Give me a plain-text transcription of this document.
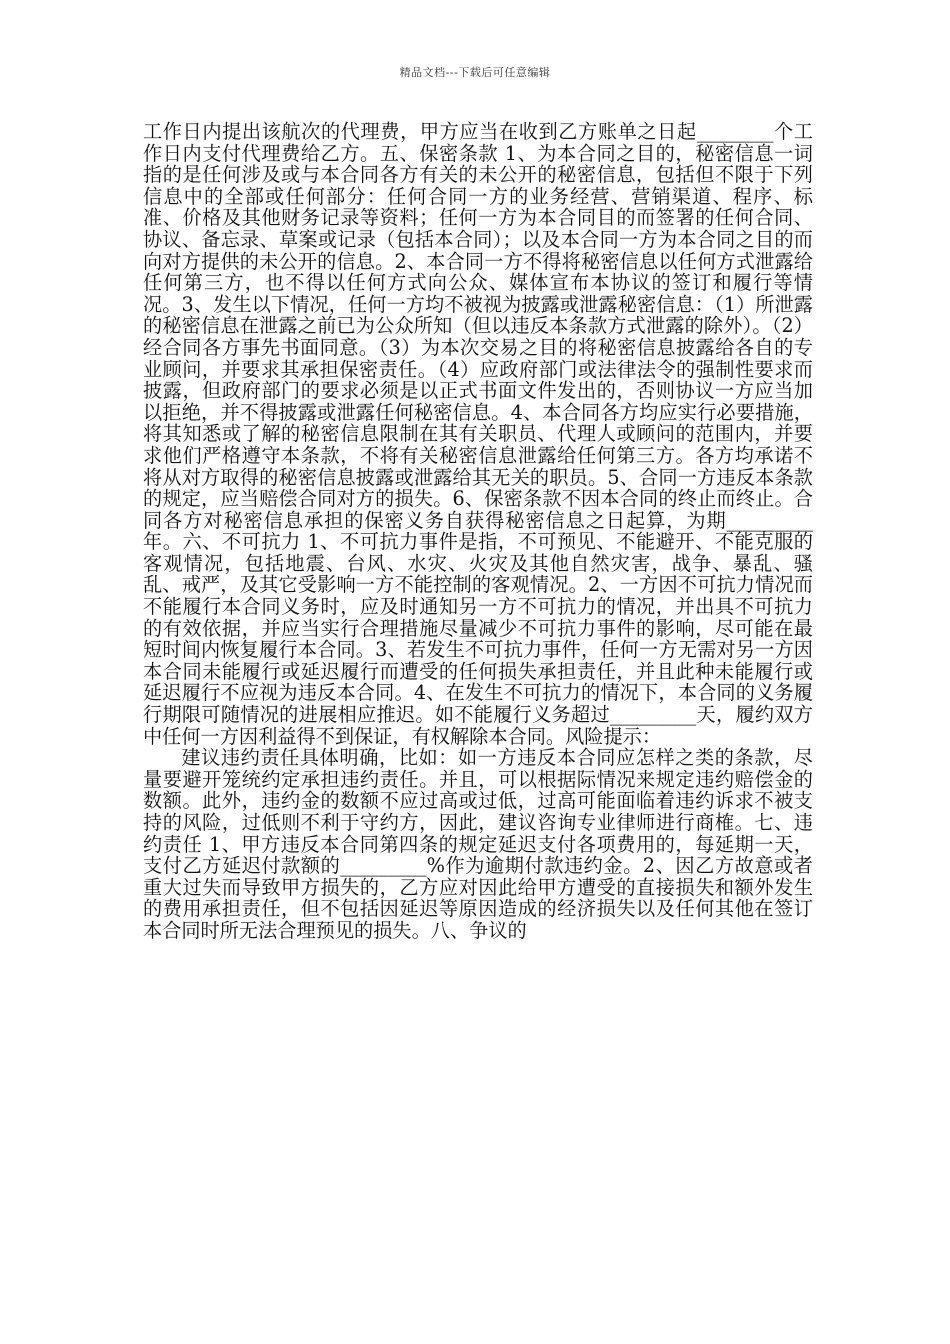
精品文档---下载后可任意编辑

工作日内提出该航次的代理费，甲方应当在收到乙方账单之日起________个工作日内支付代理费给乙方。五、保密条款 1、为本合同之目的，秘密信息一词指的是任何涉及或与本合同各方有关的未公开的秘密信息，包括但不限于下列信息中的全部或任何部分：任何合同一方的业务经营、营销渠道、程序、标准、价格及其他财务记录等资料；任何一方为本合同目的而签署的任何合同、协议、备忘录、草案或记录（包括本合同）；以及本合同一方为本合同之目的而向对方提供的未公开的信息。2、本合同一方不得将秘密信息以任何方式泄露给任何第三方，也不得以任何方式向公众、媒体宣布本协议的签订和履行等情况。3、发生以下情况，任何一方均不被视为披露或泄露秘密信息：（1）所泄露的秘密信息在泄露之前已为公众所知（但以违反本条款方式泄露的除外）。（2）经合同各方事先书面同意。（3）为本次交易之目的将秘密信息披露给各自的专业顾问，并要求其承担保密责任。（4）应政府部门或法律法令的强制性要求而披露，但政府部门的要求必须是以正式书面文件发出的，否则协议一方应当加以拒绝，并不得披露或泄露任何秘密信息。4、本合同各方均应实行必要措施，将其知悉或了解的秘密信息限制在其有关职员、代理人或顾问的范围内，并要求他们严格遵守本条款，不将有关秘密信息泄露给任何第三方。各方均承诺不将从对方取得的秘密信息披露或泄露给其无关的职员。5、合同一方违反本条款的规定，应当赔偿合同对方的损失。6、保密条款不因本合同的终止而终止。合同各方对秘密信息承担的保密义务自获得秘密信息之日起算，为期_________年。六、不可抗力 1、不可抗力事件是指，不可预见、不能避开、不能克服的客观情况，包括地震、台风、水灾、火灾及其他自然灾害，战争、暴乱、骚乱、戒严，及其它受影响一方不能控制的客观情况。2、一方因不可抗力情况而不能履行本合同义务时，应及时通知另一方不可抗力的情况，并出具不可抗力的有效依据，并应当实行合理措施尽量减少不可抗力事件的影响，尽可能在最短时间内恢复履行本合同。3、若发生不可抗力事件，任何一方无需对另一方因本合同未能履行或延迟履行而遭受的任何损失承担责任，并且此种未能履行或延迟履行不应视为违反本合同。4、在发生不可抗力的情况下，本合同的义务履行期限可随情况的进展相应推迟。如不能履行义务超过_________天，履约双方中任何一方因利益得不到保证，有权解除本合同。风险提示：

建议违约责任具体明确，比如：如一方违反本合同应怎样之类的条款，尽量要避开笼统约定承担违约责任。并且，可以根据际情况来规定违约赔偿金的数额。此外，违约金的数额不应过高或过低，过高可能面临着违约诉求不被支持的风险，过低则不利于守约方，因此，建议咨询专业律师进行商榷。七、违约责任 1、甲方违反本合同第四条的规定延迟支付各项费用的，每延期一天，支付乙方延迟付款额的_________%作为逾期付款违约金。2、因乙方故意或者重大过失而导致甲方损失的，乙方应对因此给甲方遭受的直接损失和额外发生的费用承担责任，但不包括因延迟等原因造成的经济损失以及任何其他在签订本合同时所无法合理预见的损失。八、争议的
